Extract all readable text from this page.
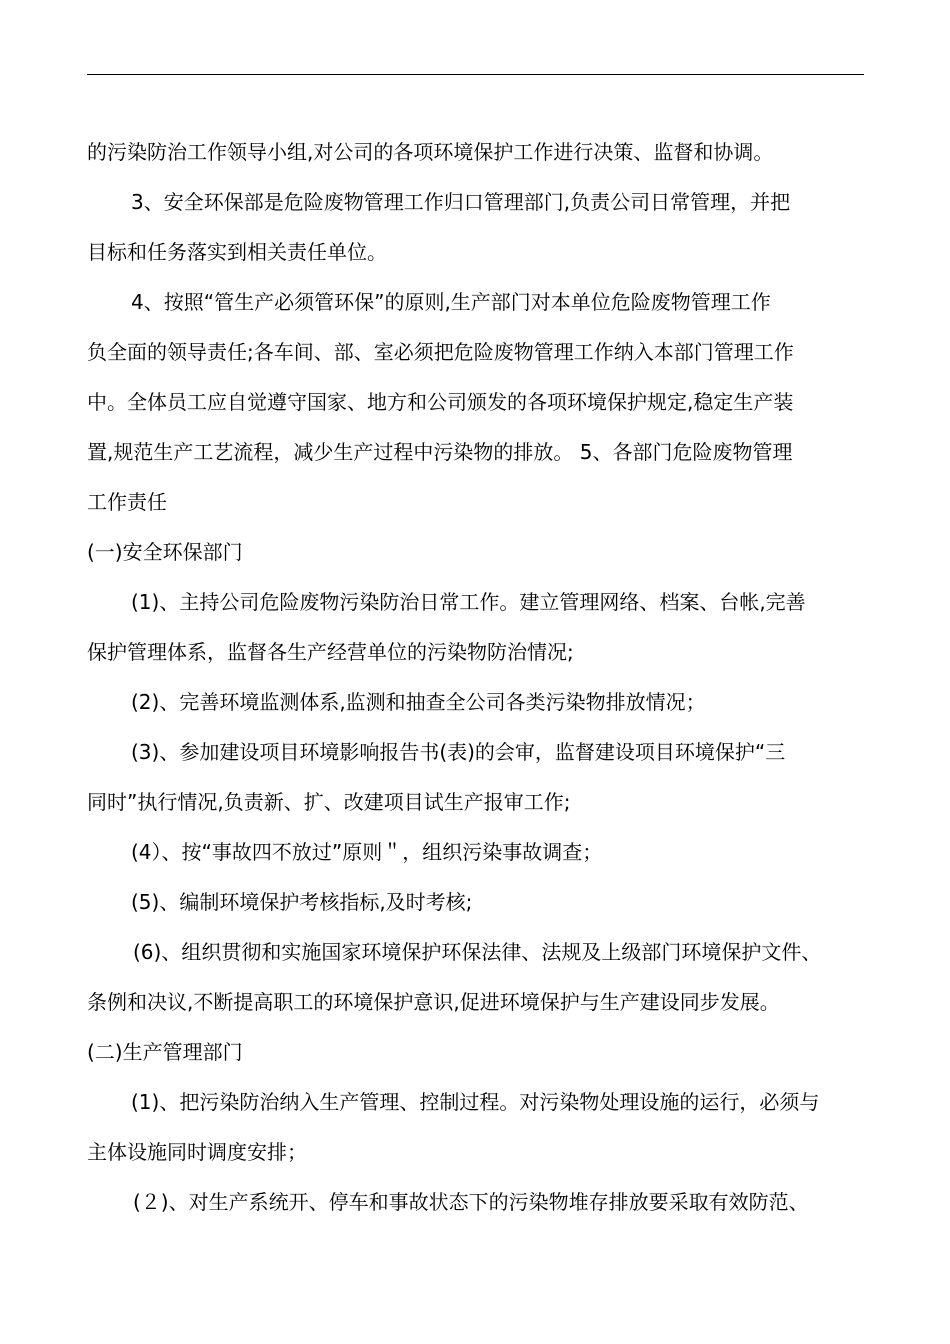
的污染防治工作领导小组,对公司的各项环境保护工作进行决策、监督和协调。
3、安全环保部是危险废物管理工作归口管理部门,负责公司日常管理，并把
目标和任务落实到相关责任单位。
4、按照“管生产必须管环保”的原则,生产部门对本单位危险废物管理工作
负全面的领导责任;各车间、部、室必须把危险废物管理工作纳入本部门管理工作
中。全体员工应自觉遵守国家、地方和公司颁发的各项环境保护规定,稳定生产装
置,规范生产工艺流程，减少生产过程中污染物的排放。 5、各部门危险废物管理
工作责任
(一)安全环保部门
(1)、主持公司危险废物污染防治日常工作。建立管理网络、档案、台帐,完善
保护管理体系，监督各生产经营单位的污染物防治情况;
(2)、完善环境监测体系,监测和抽查全公司各类污染物排放情况；
(3)、参加建设项目环境影响报告书(表)的会审，监督建设项目环境保护“三
同时”执行情况,负责新、扩、改建项目试生产报审工作;
(4）、按“事故四不放过”原则＂，组织污染事故调查；
(5)、编制环境保护考核指标,及时考核;
(6)、组织贯彻和实施国家环境保护环保法律、法规及上级部门环境保护文件、
条例和决议,不断提高职工的环境保护意识,促进环境保护与生产建设同步发展。
(二)生产管理部门
(1)、把污染防治纳入生产管理、控制过程。对污染物处理设施的运行，必须与
主体设施同时调度安排；
(２)、对生产系统开、停车和事故状态下的污染物堆存排放要采取有效防范、
